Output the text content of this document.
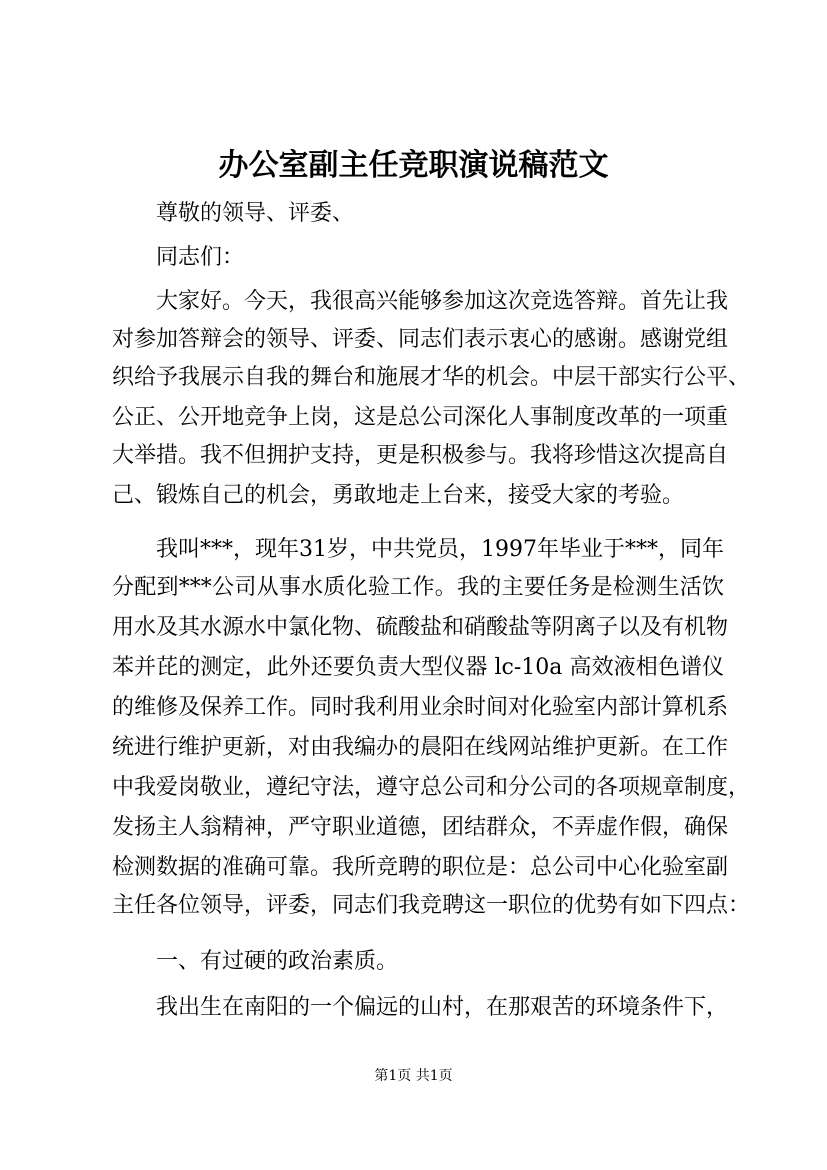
办公室副主任竞职演说稿范文

尊敬的领导、评委、

同志们：

大家好。今天，我很高兴能够参加这次竞选答辩。首先让我

对参加答辩会的领导、评委、同志们表示衷心的感谢。感谢党组

织给予我展示自我的舞台和施展才华的机会。中层干部实行公平、

公正、公开地竞争上岗，这是总公司深化人事制度改革的一项重

大举措。我不但拥护支持，更是积极参与。我将珍惜这次提高自

己、锻炼自己的机会，勇敢地走上台来，接受大家的考验。

我叫***，现年31岁，中共党员，1997年毕业于***，同年

分配到***公司从事水质化验工作。我的主要任务是检测生活饮

用水及其水源水中氯化物、硫酸盐和硝酸盐等阴离子以及有机物

苯并芘的测定，此外还要负责大型仪器 lc-10a 高效液相色谱仪

的维修及保养工作。同时我利用业余时间对化验室内部计算机系

统进行维护更新，对由我编办的晨阳在线网站维护更新。在工作

中我爱岗敬业，遵纪守法，遵守总公司和分公司的各项规章制度，

发扬主人翁精神，严守职业道德，团结群众，不弄虚作假，确保

检测数据的准确可靠。我所竞聘的职位是：总公司中心化验室副

主任各位领导，评委，同志们我竞聘这一职位的优势有如下四点：

一、有过硬的政治素质。

我出生在南阳的一个偏远的山村，在那艰苦的环境条件下，

第1页 共1页
